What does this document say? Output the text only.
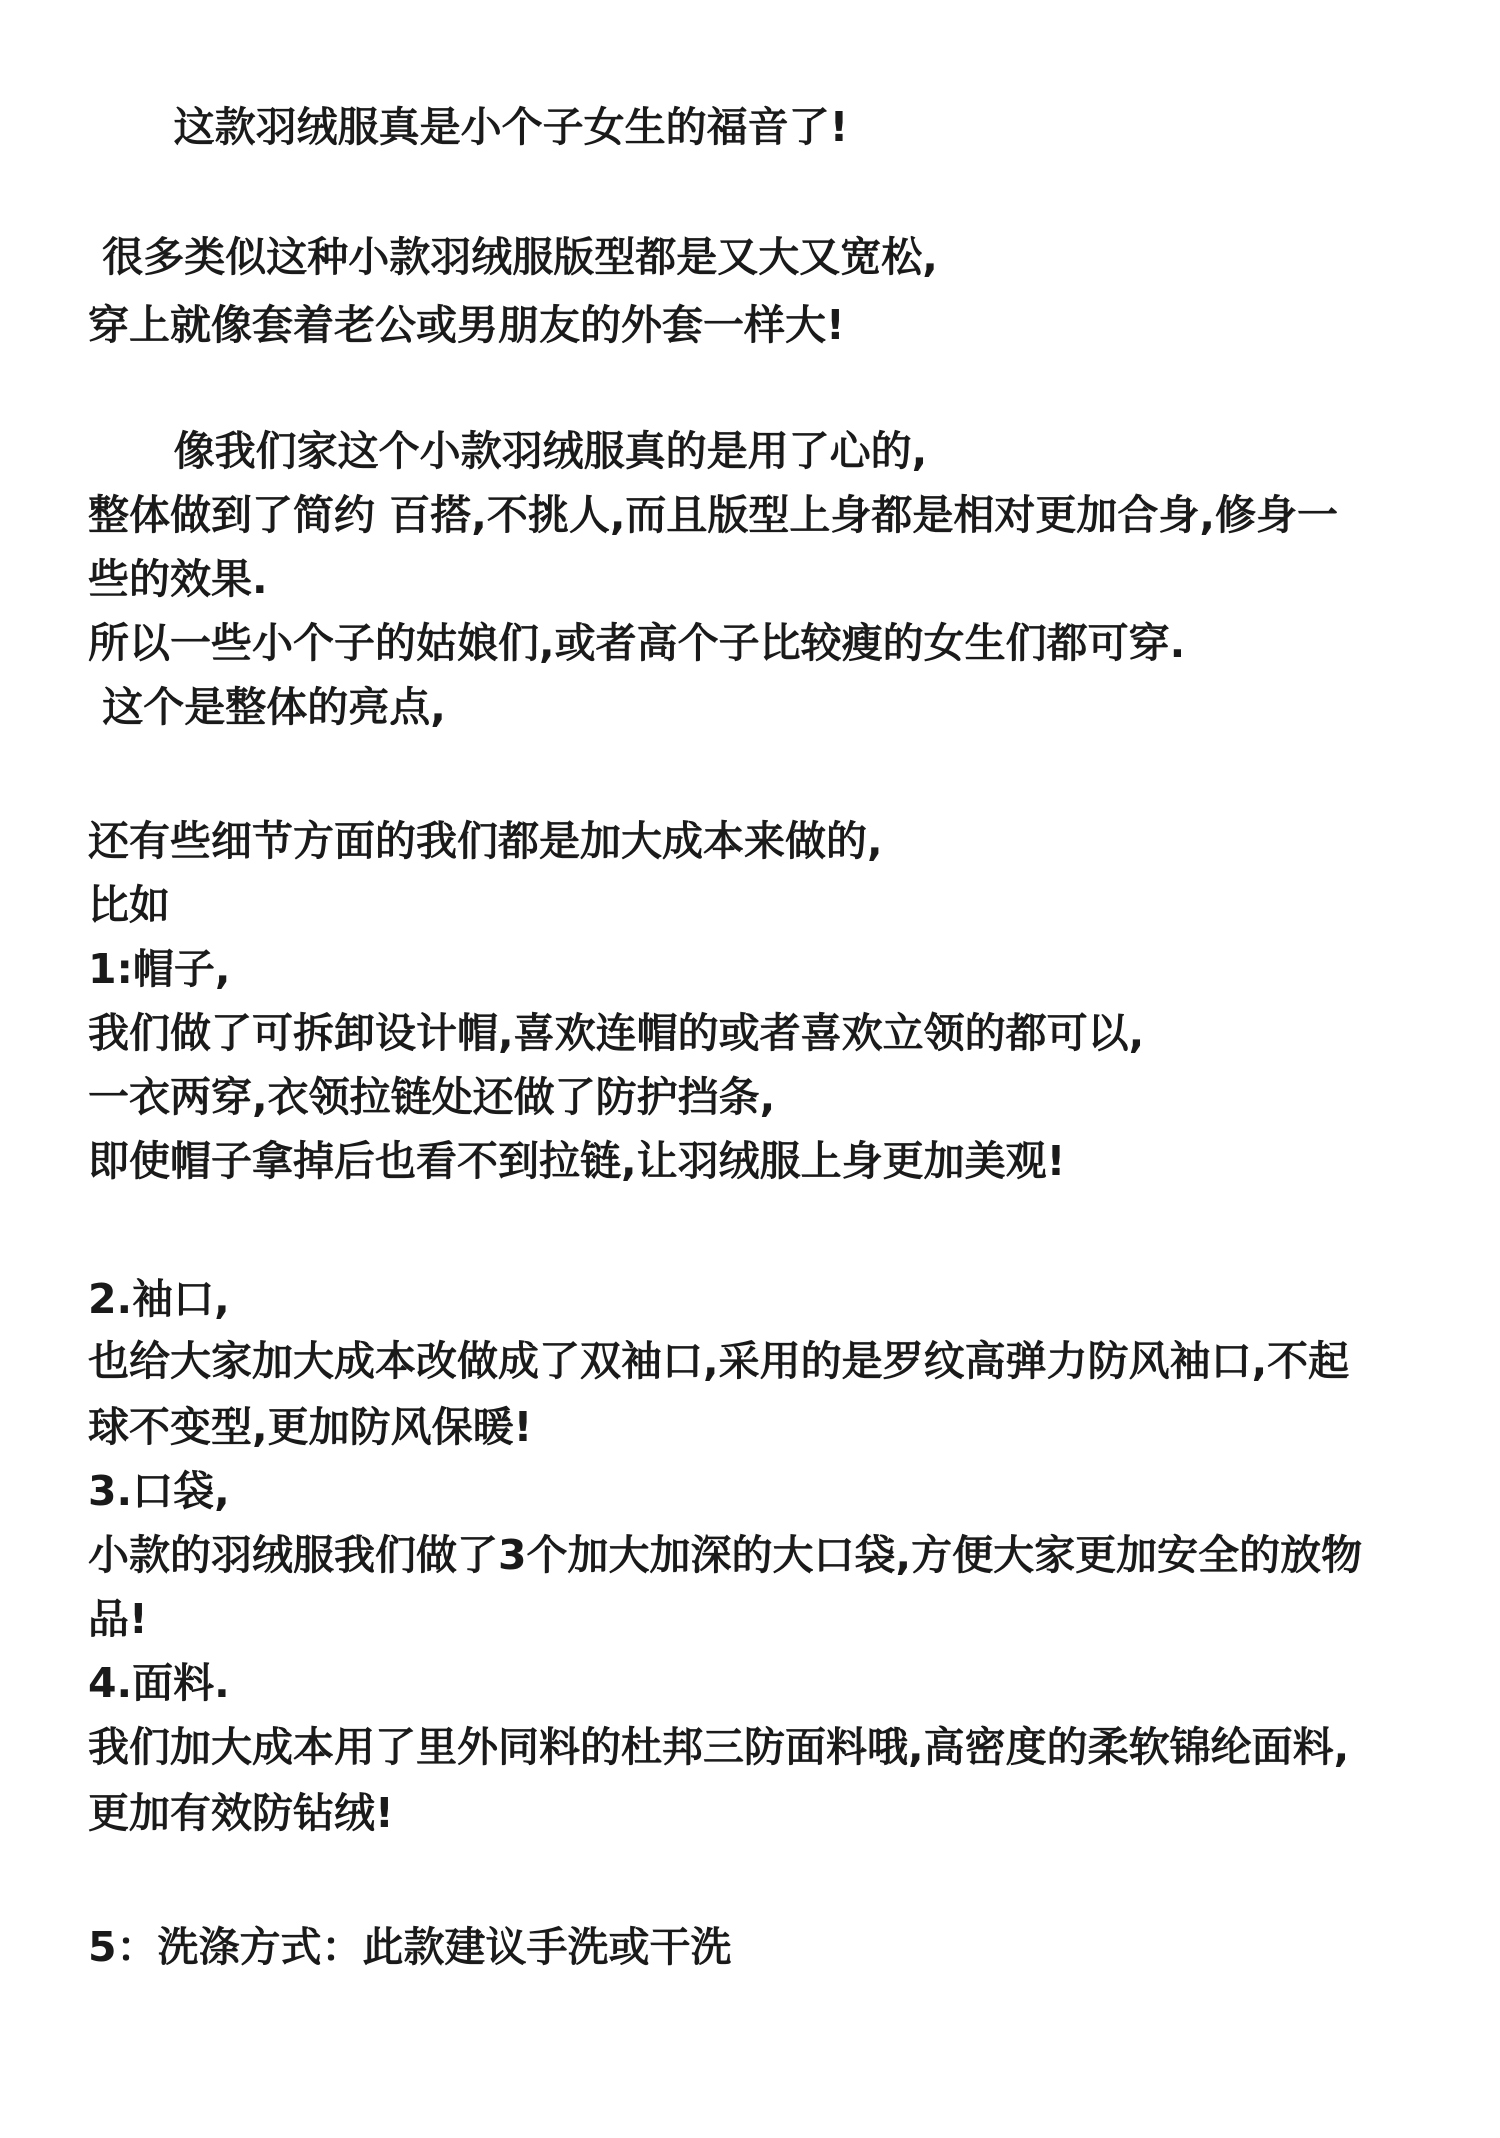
这款羽绒服真是小个子女生的福音了!
很多类似这种小款羽绒服版型都是又大又宽松,
穿上就像套着老公或男朋友的外套一样大!
像我们家这个小款羽绒服真的是用了心的,
整体做到了简约 百搭,不挑人,而且版型上身都是相对更加合身,修身一
些的效果.
所以一些小个子的姑娘们,或者高个子比较瘦的女生们都可穿.
这个是整体的亮点,
还有些细节方面的我们都是加大成本来做的,
比如
1:帽子,
我们做了可拆卸设计帽,喜欢连帽的或者喜欢立领的都可以,
一衣两穿,衣领拉链处还做了防护挡条,
即使帽子拿掉后也看不到拉链,让羽绒服上身更加美观!
2.袖口,
也给大家加大成本改做成了双袖口,采用的是罗纹高弹力防风袖口,不起
球不变型,更加防风保暖!
3.口袋,
小款的羽绒服我们做了3个加大加深的大口袋,方便大家更加安全的放物
品!
4.面料.
我们加大成本用了里外同料的杜邦三防面料哦,高密度的柔软锦纶面料,
更加有效防钻绒!
5：洗涤方式：此款建议手洗或干洗
